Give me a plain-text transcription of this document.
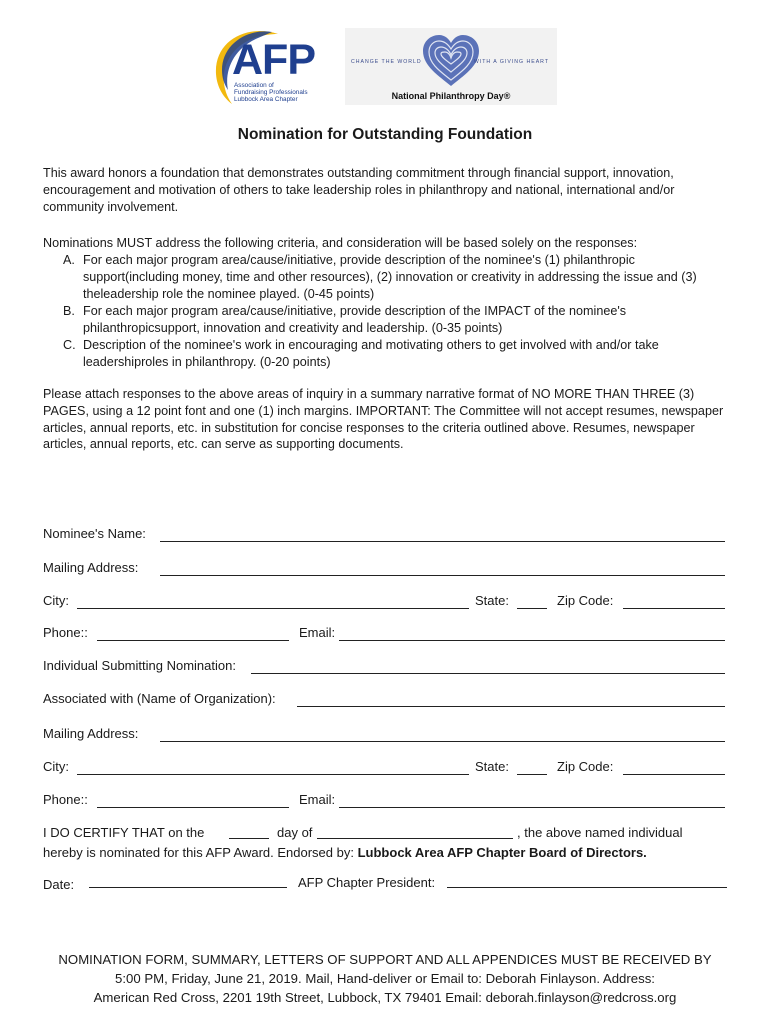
AFP
Association of
Fundraising Professionals
Lubbock Area Chapter
CHANGE THE WORLD	WITH A GIVING HEART
National Philanthropy Day®
Nomination for Outstanding Foundation
This award honors a foundation that demonstrates outstanding commitment through financial support, innovation, encouragement and motivation of others to take leadership roles in philanthropy and national, international and/or community involvement.
Nominations MUST address the following criteria, and consideration will be based solely on the responses:
A. For each major program area/cause/initiative, provide description of the nominee's (1) philanthropic support(including money, time and other resources), (2) innovation or creativity in addressing the issue and (3) theleadership role the nominee played. (0-45 points)
B. For each major program area/cause/initiative, provide description of the IMPACT of the nominee's philanthropicsupport, innovation and creativity and leadership. (0-35 points)
C. Description of the nominee's work in encouraging and motivating others to get involved with and/or take leadershiproles in philanthropy. (0-20 points)
Please attach responses to the above areas of inquiry in a summary narrative format of NO MORE THAN THREE (3) PAGES, using a 12 point font and one (1) inch margins. IMPORTANT: The Committee will not accept resumes, newspaper articles, annual reports, etc. in substitution for concise responses to the criteria outlined above. Resumes, newspaper articles, annual reports, etc. can serve as supporting documents.
Nominee's Name:
Mailing Address:
City:	State:	Zip Code:
Phone::	Email:
Individual Submitting Nomination:
Associated with (Name of Organization):
Mailing Address:
City:	State:	Zip Code:
Phone::	Email:
I DO CERTIFY THAT on the	day of	, the above named individual
hereby is nominated for this AFP Award. Endorsed by: Lubbock Area AFP Chapter Board of Directors.
Date:	AFP Chapter President:
NOMINATION FORM, SUMMARY, LETTERS OF SUPPORT AND ALL APPENDICES MUST BE RECEIVED BY
5:00 PM, Friday, June 21, 2019. Mail, Hand-deliver or Email to: Deborah Finlayson. Address:
American Red Cross, 2201 19th Street, Lubbock, TX 79401 Email: deborah.finlayson@redcross.org
